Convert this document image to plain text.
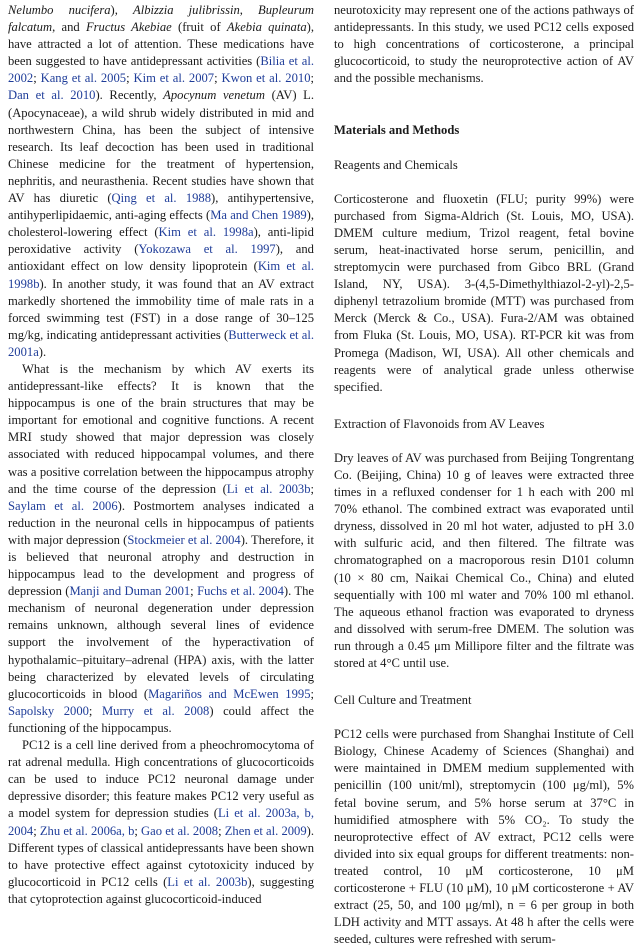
Nelumbo nucifera), Albizzia julibrissin, Bupleurum falcatum, and Fructus Akebiae (fruit of Akebia quinata), have attracted a lot of attention. These medications have been suggested to have antidepressant activities (Bilia et al. 2002; Kang et al. 2005; Kim et al. 2007; Kwon et al. 2010; Dan et al. 2010). Recently, Apocynum venetum (AV) L. (Apocynaceae), a wild shrub widely distributed in mid and northwestern China, has been the subject of intensive research. Its leaf decoction has been used in traditional Chinese medicine for the treatment of hypertension, nephritis, and neurasthenia. Recent studies have shown that AV has diuretic (Qing et al. 1988), antihypertensive, antihyperlipidaemic, anti-aging effects (Ma and Chen 1989), cholesterol-lowering effect (Kim et al. 1998a), anti-lipid peroxidative activity (Yokozawa et al. 1997), and antioxidant effect on low density lipoprotein (Kim et al. 1998b). In another study, it was found that an AV extract markedly shortened the immobility time of male rats in a forced swimming test (FST) in a dose range of 30–125 mg/kg, indicating antidepressant activities (Butterweck et al. 2001a).

What is the mechanism by which AV exerts its antidepressant-like effects? It is known that the hippocampus is one of the brain structures that may be important for emotional and cognitive functions. A recent MRI study showed that major depression was closely associated with reduced hippocampal volumes, and there was a positive correlation between the hippocampus atrophy and the time course of the depression (Li et al. 2003b; Saylam et al. 2006). Postmortem analyses indicated a reduction in the neuronal cells in hippocampus of patients with major depression (Stockmeier et al. 2004). Therefore, it is believed that neuronal atrophy and destruction in hippocampus lead to the development and progress of depression (Manji and Duman 2001; Fuchs et al. 2004). The mechanism of neuronal degeneration under depression remains unknown, although several lines of evidence support the involvement of the hyperactivation of hypothalamic–pituitary–adrenal (HPA) axis, with the latter being characterized by elevated levels of circulating glucocorticoids in blood (Magariños and McEwen 1995; Sapolsky 2000; Murry et al. 2008) could affect the functioning of the hippocampus.

PC12 is a cell line derived from a pheochromocytoma of rat adrenal medulla. High concentrations of glucocorticoids can be used to induce PC12 neuronal damage under depressive disorder; this feature makes PC12 very useful as a model system for depression studies (Li et al. 2003a, b, 2004; Zhu et al. 2006a, b; Gao et al. 2008; Zhen et al. 2009). Different types of classical antidepressants have been shown to have protective effect against cytotoxicity induced by glucocorticoid in PC12 cells (Li et al. 2003b), suggesting that cytoprotection against glucocorticoid-induced

neurotoxicity may represent one of the actions pathways of antidepressants. In this study, we used PC12 cells exposed to high concentrations of corticosterone, a principal glucocorticoid, to study the neuroprotective action of AV and the possible mechanisms.

Materials and Methods
Reagents and Chemicals

Corticosterone and fluoxetin (FLU; purity 99%) were purchased from Sigma-Aldrich (St. Louis, MO, USA). DMEM culture medium, Trizol reagent, fetal bovine serum, heat-inactivated horse serum, penicillin, and streptomycin were purchased from Gibco BRL (Grand Island, NY, USA). 3-(4,5-Dimethylthiazol-2-yl)-2,5-diphenyl tetrazolium bromide (MTT) was purchased from Merck (Merck & Co., USA). Fura-2/AM was obtained from Fluka (St. Louis, MO, USA). RT-PCR kit was from Promega (Madison, WI, USA). All other chemicals and reagents were of analytical grade unless otherwise specified.

Extraction of Flavonoids from AV Leaves

Dry leaves of AV was purchased from Beijing Tongrentang Co. (Beijing, China) 10 g of leaves were extracted three times in a refluxed condenser for 1 h each with 200 ml 70% ethanol. The combined extract was evaporated until dryness, dissolved in 20 ml hot water, adjusted to pH 3.0 with sulfuric acid, and then filtered. The filtrate was chromatographed on a macroporous resin D101 column (10 × 80 cm, Naikai Chemical Co., China) and eluted sequentially with 100 ml water and 70% 100 ml ethanol. The aqueous ethanol fraction was evaporated to dryness and dissolved with serum-free DMEM. The solution was run through a 0.45 μm Millipore filter and the filtrate was stored at 4°C until use.

Cell Culture and Treatment

PC12 cells were purchased from Shanghai Institute of Cell Biology, Chinese Academy of Sciences (Shanghai) and were maintained in DMEM medium supplemented with penicillin (100 unit/ml), streptomycin (100 μg/ml), 5% fetal bovine serum, and 5% horse serum at 37°C in humidified atmosphere with 5% CO₂. To study the neuroprotective effect of AV extract, PC12 cells were divided into six equal groups for different treatments: non-treated control, 10 μM corticosterone, 10 μM corticosterone + FLU (10 μM), 10 μM corticosterone + AV extract (25, 50, and 100 μg/ml), n = 6 per group in both LDH activity and MTT assays. At 48 h after the cells were seeded, cultures were refreshed with serum-
